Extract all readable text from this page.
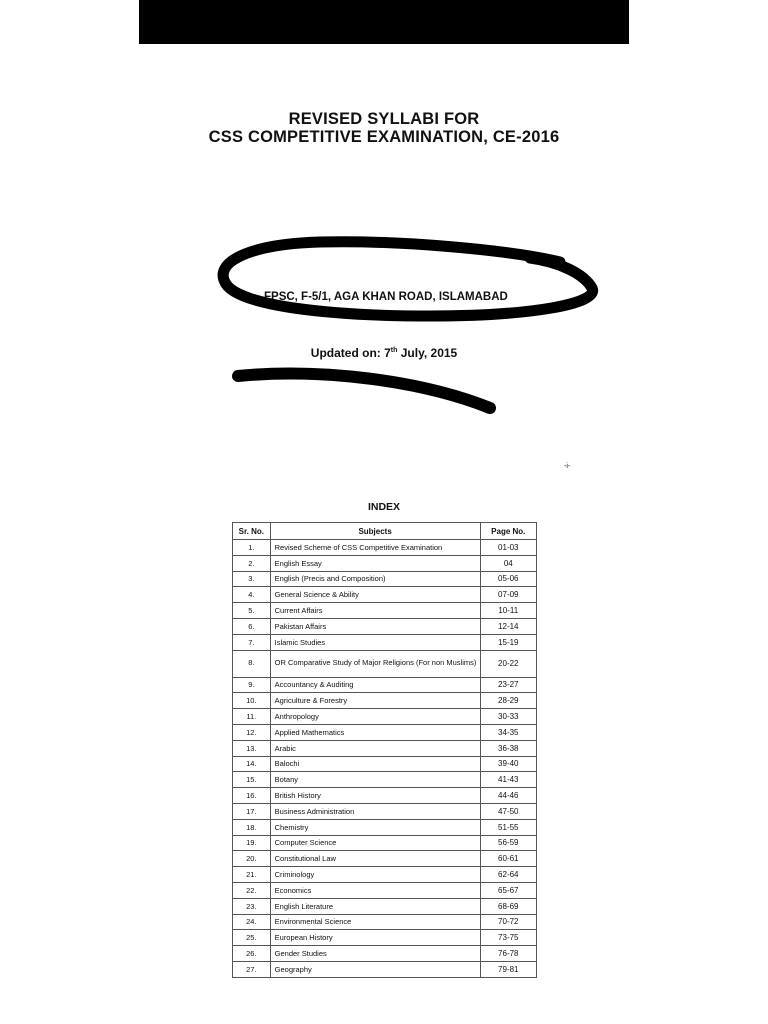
REVISED SYLLABI FOR
CSS COMPETITIVE EXAMINATION, CE-2016
FPSC, F-5/1, AGA KHAN ROAD, ISLAMABAD
Updated on: 7th July, 2015
-i-
INDEX
Sr. No.	Subjects	Page No.
1.	Revised Scheme of CSS Competitive Examination	01-03
2.	English Essay	04
3.	English (Precis and Composition)	05-06
4.	General Science & Ability	07-09
5.	Current Affairs	10-11
6.	Pakistan Affairs	12-14
7.	Islamic Studies	15-19
8.	OR Comparative Study of Major Religions (For non Muslims)	20-22
9.	Accountancy & Auditing	23-27
10.	Agriculture & Forestry	28-29
11.	Anthropology	30-33
12.	Applied Mathematics	34-35
13.	Arabic	36-38
14.	Balochi	39-40
15.	Botany	41-43
16.	British History	44-46
17.	Business Administration	47-50
18.	Chemistry	51-55
19.	Computer Science	56-59
20.	Constitutional Law	60-61
21.	Criminology	62-64
22.	Economics	65-67
23.	English Literature	68-69
24.	Environmental Science	70-72
25.	European History	73-75
26.	Gender Studies	76-78
27.	Geography	79-81
